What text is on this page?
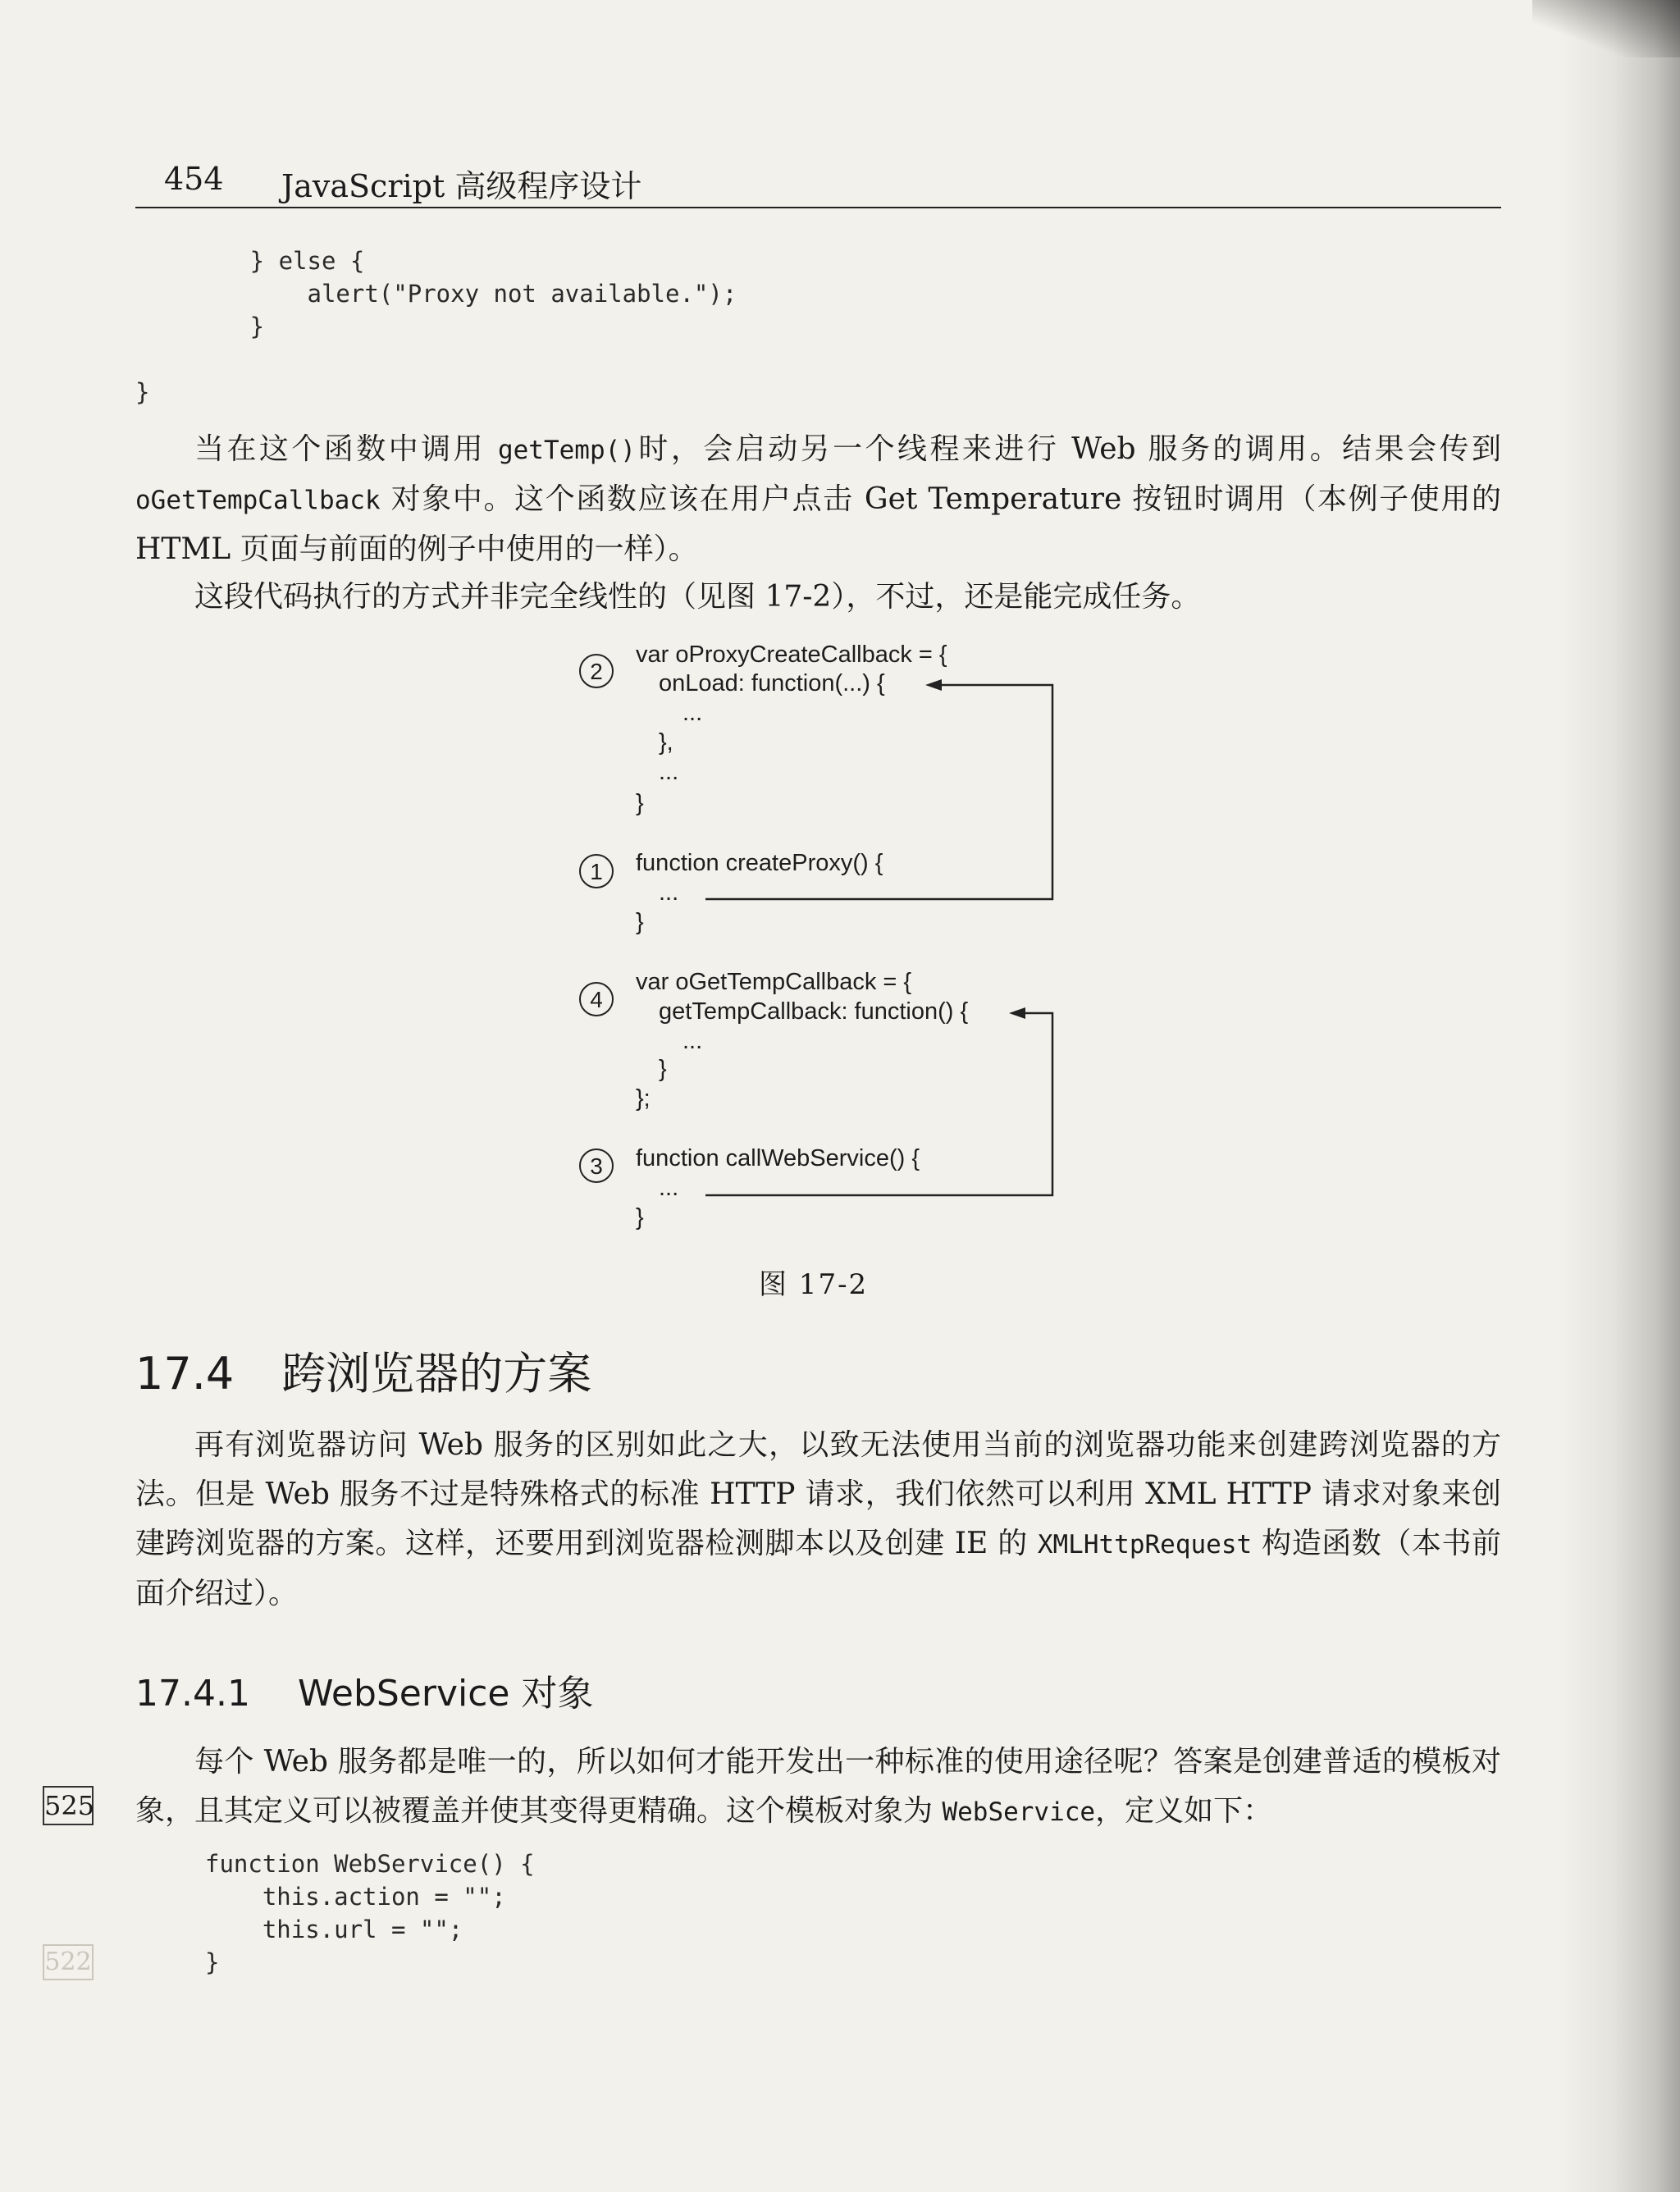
454 JavaScript 高级程序设计
} else {
alert("Proxy not available.");
}

}

当在这个函数中调用 getTemp()时，会启动另一个线程来进行 Web 服务的调用。结果会传到 oGetTempCallback 对象中。这个函数应该在用户点击 Get Temperature 按钮时调用（本例子使用的 HTML 页面与前面的例子中使用的一样）。

这段代码执行的方式并非完全线性的（见图 17-2），不过，还是能完成任务。

2
1
4
3
var oProxyCreateCallback = {
onLoad: function(...) {
...
},
...
}
function createProxy() {
...
}
var oGetTempCallback = {
getTempCallback: function() {
...
}
};
function callWebService() {
...
}
图 17-2
17.4 跨浏览器的方案

再有浏览器访问 Web 服务的区别如此之大，以致无法使用当前的浏览器功能来创建跨浏览器的方法。但是 Web 服务不过是特殊格式的标准 HTTP 请求，我们依然可以利用 XML HTTP 请求对象来创建跨浏览器的方案。这样，还要用到浏览器检测脚本以及创建 IE 的 XMLHttpRequest 构造函数（本书前面介绍过）。

17.4.1 WebService 对象
525

每个 Web 服务都是唯一的，所以如何才能开发出一种标准的使用途径呢？答案是创建普适的模板对象，且其定义可以被覆盖并使其变得更精确。这个模板对象为 WebService，定义如下：

function WebService() {
this.action = "";
this.url = "";
}
522
